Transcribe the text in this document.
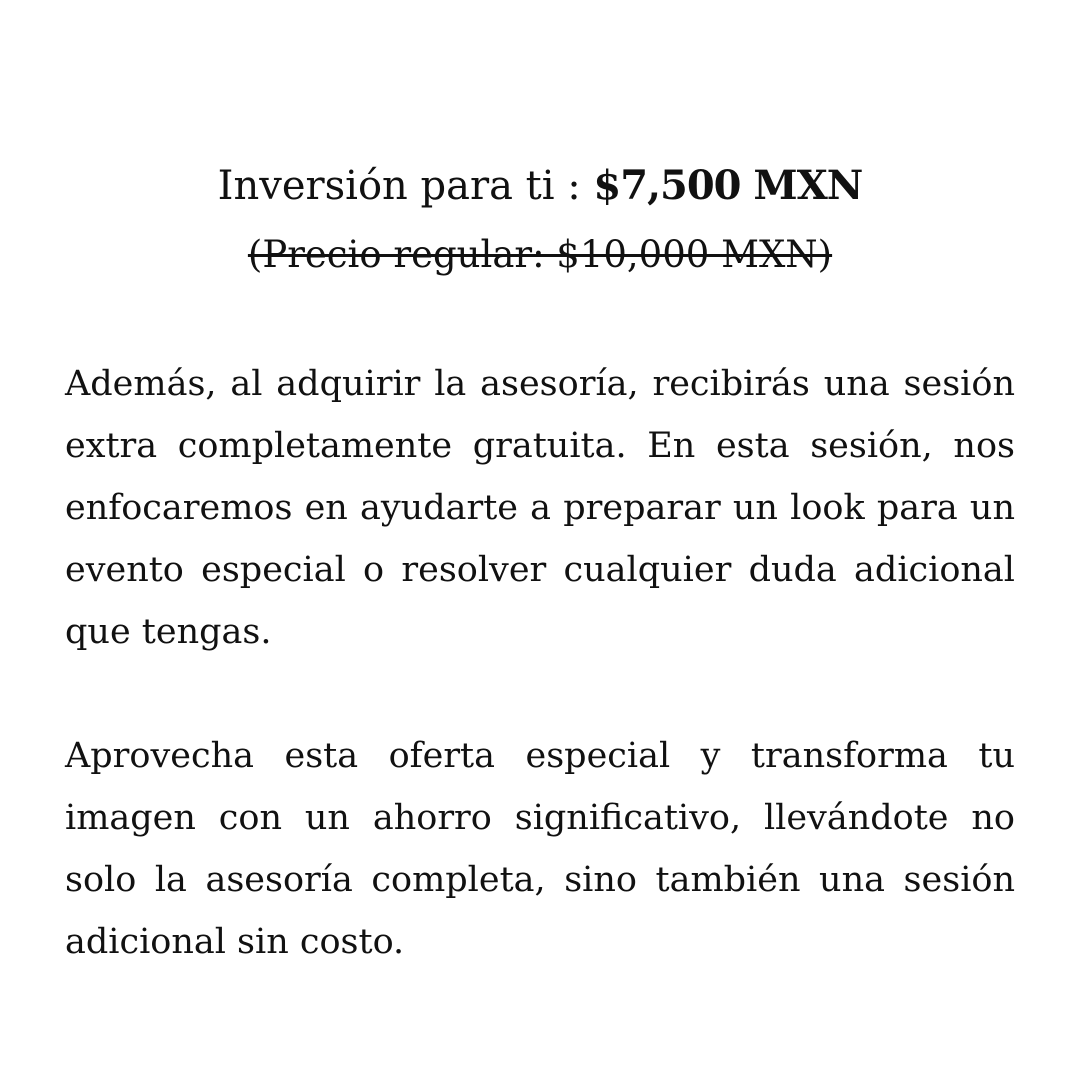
Inversión para ti : $7,500 MXN
(Precio regular: $10,000 MXN)

Además, al adquirir la asesoría, recibirás una sesión extra completamente gratuita. En esta sesión, nos enfocaremos en ayudarte a preparar un look para un evento especial o resolver cualquier duda adicional que tengas.

Aprovecha esta oferta especial y transforma tu imagen con un ahorro significativo, llevándote no solo la asesoría completa, sino también una sesión adicional sin costo.
